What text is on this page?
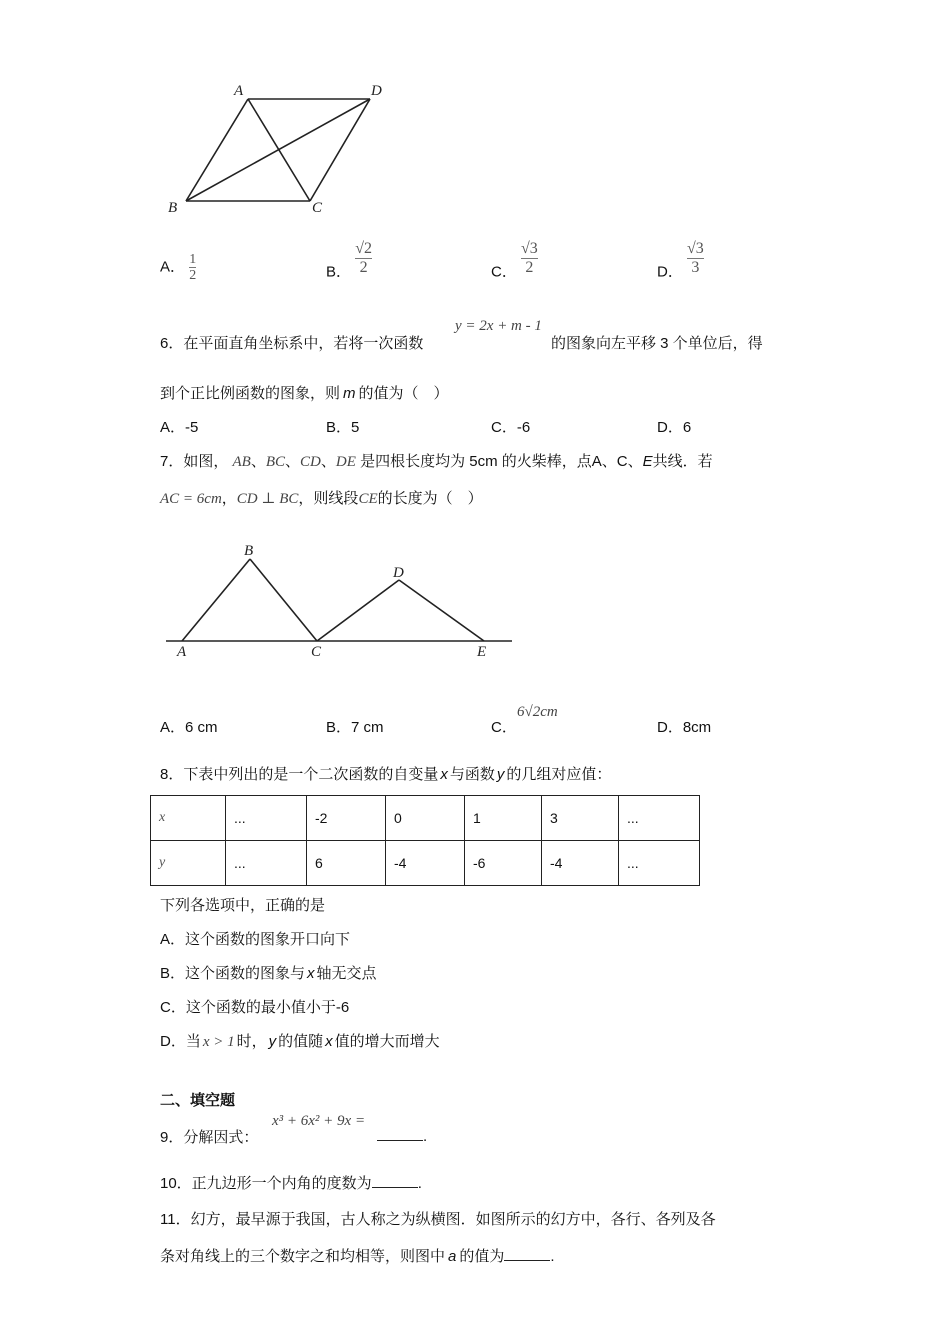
A	D
B	C
A． $\frac{1}{2}$	B． $\frac{√2}{2}$	C． $\frac{√3}{2}$	D． $\frac{√3}{3}$
6．在平面直角坐标系中，若将一次函数
y = 2x + m - 1
的图象向左平移 3 个单位后，得
到个正比例函数的图象，则 m 的值为（　）
A．-5	B．5	C．-6	D．6
7．如图， AB、BC、CD、DE 是四根长度均为 5cm 的火柴棒，点A、C、E共线．若
AC = 6cm，CD ⊥ BC，则线段CE的长度为（　）
B
D
A	C	E
A．6 cm	B．7 cm	C．
6√2cm
D．8cm
8．下表中列出的是一个二次函数的自变量 x 与函数 y 的几组对应值：
x	...	-2	0	1	3	...
y	...	6	-4	-6	-4	...
下列各选项中，正确的是
A．这个函数的图象开口向下
B．这个函数的图象与 x 轴无交点
C．这个函数的最小值小于-6
D．当 x > 1 时， y 的值随 x 值的增大而增大
二、填空题
9．分解因式：
x³ + 6x² + 9x =
.
10．正九边形一个内角的度数为	.
11．幻方，最早源于我国，古人称之为纵横图．如图所示的幻方中，各行、各列及各
条对角线上的三个数字之和均相等，则图中 a 的值为	.
